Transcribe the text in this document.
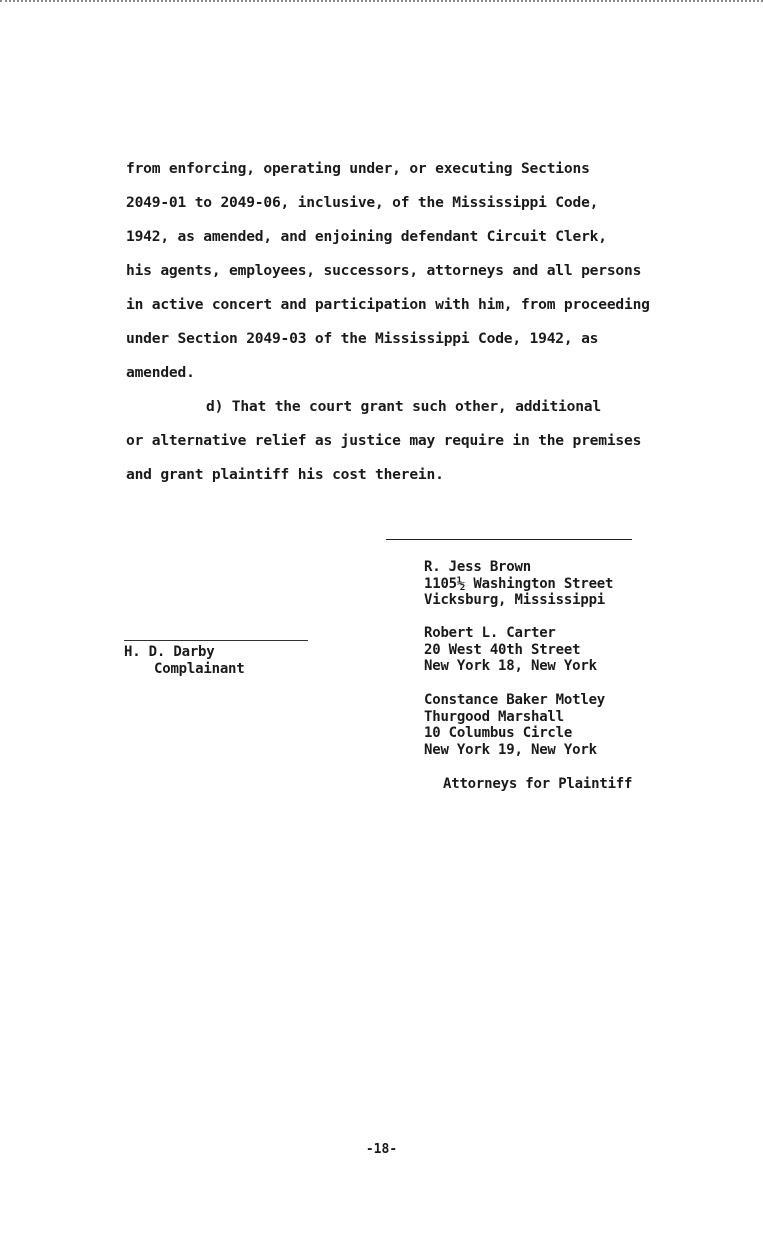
from enforcing, operating under, or executing Sections
2049-01 to 2049-06, inclusive, of the Mississippi Code,
1942, as amended, and enjoining defendant Circuit Clerk,
his agents, employees, successors, attorneys and all persons
in active concert and participation with him, from proceeding
under Section 2049-03 of the Mississippi Code, 1942, as
amended.
d) That the court grant such other, additional
or alternative relief as justice may require in the premises
and grant plaintiff his cost therein.
R. Jess Brown
1105½ Washington Street
Vicksburg, Mississippi
Robert L. Carter
20 West 40th Street
New York 18, New York
Constance Baker Motley
Thurgood Marshall
10 Columbus Circle
New York 19, New York
Attorneys for Plaintiff
H. D. Darby
Complainant
-18-
